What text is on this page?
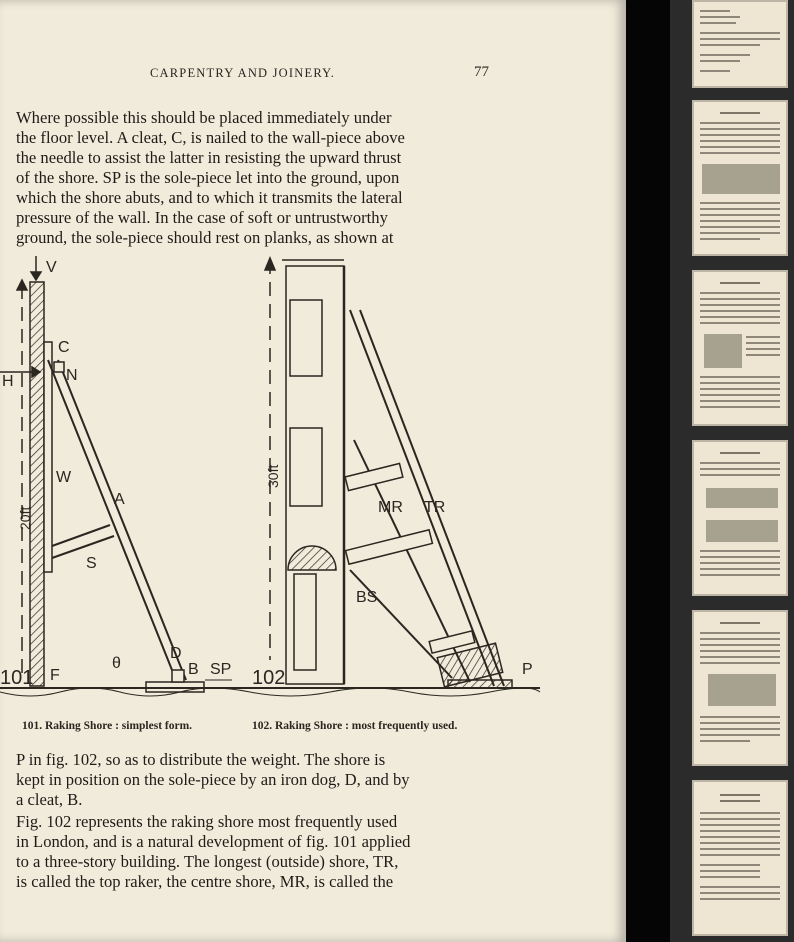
CARPENTRY AND JOINERY.	77
Where possible this should be placed immediately under
the floor level. A cleat, C, is nailed to the wall-piece above
the needle to assist the latter in resisting the upward thrust
of the shore. SP is the sole-piece let into the ground, upon
which the shore abuts, and to which it transmits the lateral
pressure of the wall. In the case of soft or untrustworthy
ground, the sole-piece should rest on planks, as shown at
V
H
C
N
W
A
S
D
B SP
F
θ
101
20ft	MR TR
BS
P
102
30ft
101. Raking Shore : simplest form.	102. Raking Shore : most frequently used.
P in fig. 102, so as to distribute the weight. The shore is
kept in position on the sole-piece by an iron dog, D, and by
a cleat, B.
Fig. 102 represents the raking shore most frequently used
in London, and is a natural development of fig. 101 applied
to a three-story building. The longest (outside) shore, TR,
is called the top raker, the centre shore, MR, is called the
